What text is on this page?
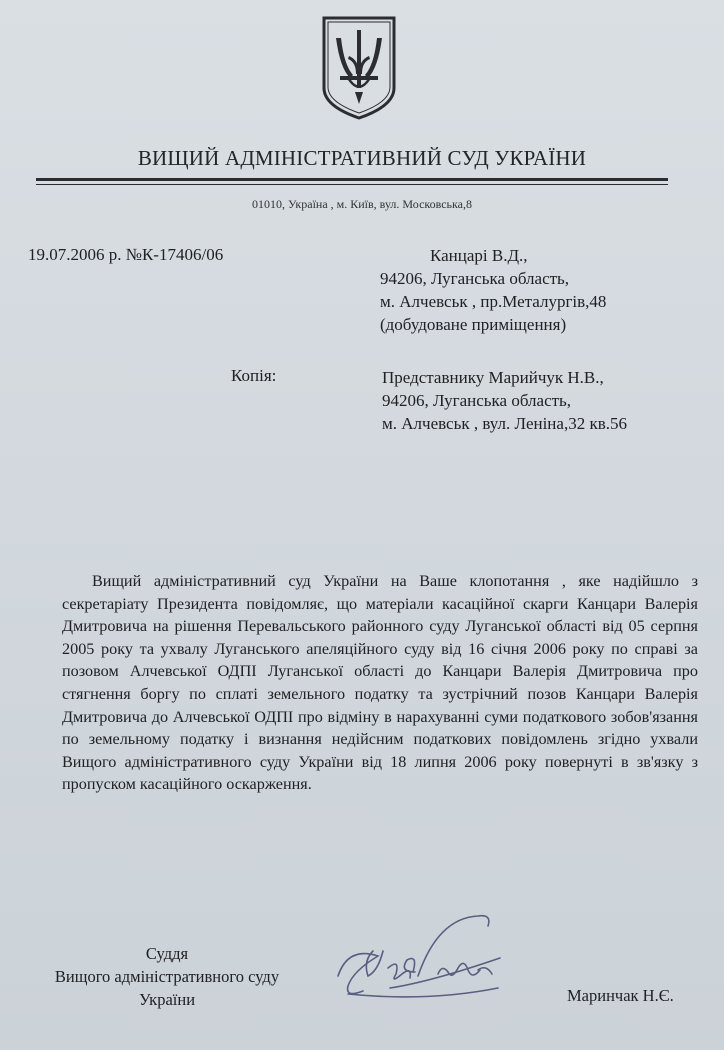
ВИЩИЙ АДМІНІСТРАТИВНИЙ СУД УКРАЇНИ
01010, Україна , м. Київ, вул. Московська,8
19.07.2006 р. №К-17406/06	Канцарі В.Д.,
94206, Луганська область,
м. Алчевськ , пр.Металургів,48
(добудоване приміщення)
Копія:	Представнику Марийчук Н.В.,
94206, Луганська область,
м. Алчевськ , вул. Леніна,32 кв.56

Вищий адміністративний суд України на Ваше клопотання , яке надійшло з секретаріату Президента повідомляє, що матеріали касаційної скарги Канцари Валерія Дмитровича на рішення Перевальського районного суду Луганської області від 05 серпня 2005 року та ухвалу Луганського апеляційного суду від 16 січня 2006 року по справі за позовом Алчевської ОДПІ Луганської області до Канцари Валерія Дмитровича про стягнення боргу по сплаті земельного податку та зустрічний позов Канцари Валерія Дмитровича до Алчевської ОДПІ про відміну в нарахуванні суми податкового зобов'язання по земельному податку і визнання недійсним податкових повідомлень згідно ухвали Вищого адміністративного суду України від 18 липня 2006 року повернуті в зв'язку з пропуском касаційного оскарження.

Суддя
Вищого адміністративного суду
України	Маринчак Н.Є.
